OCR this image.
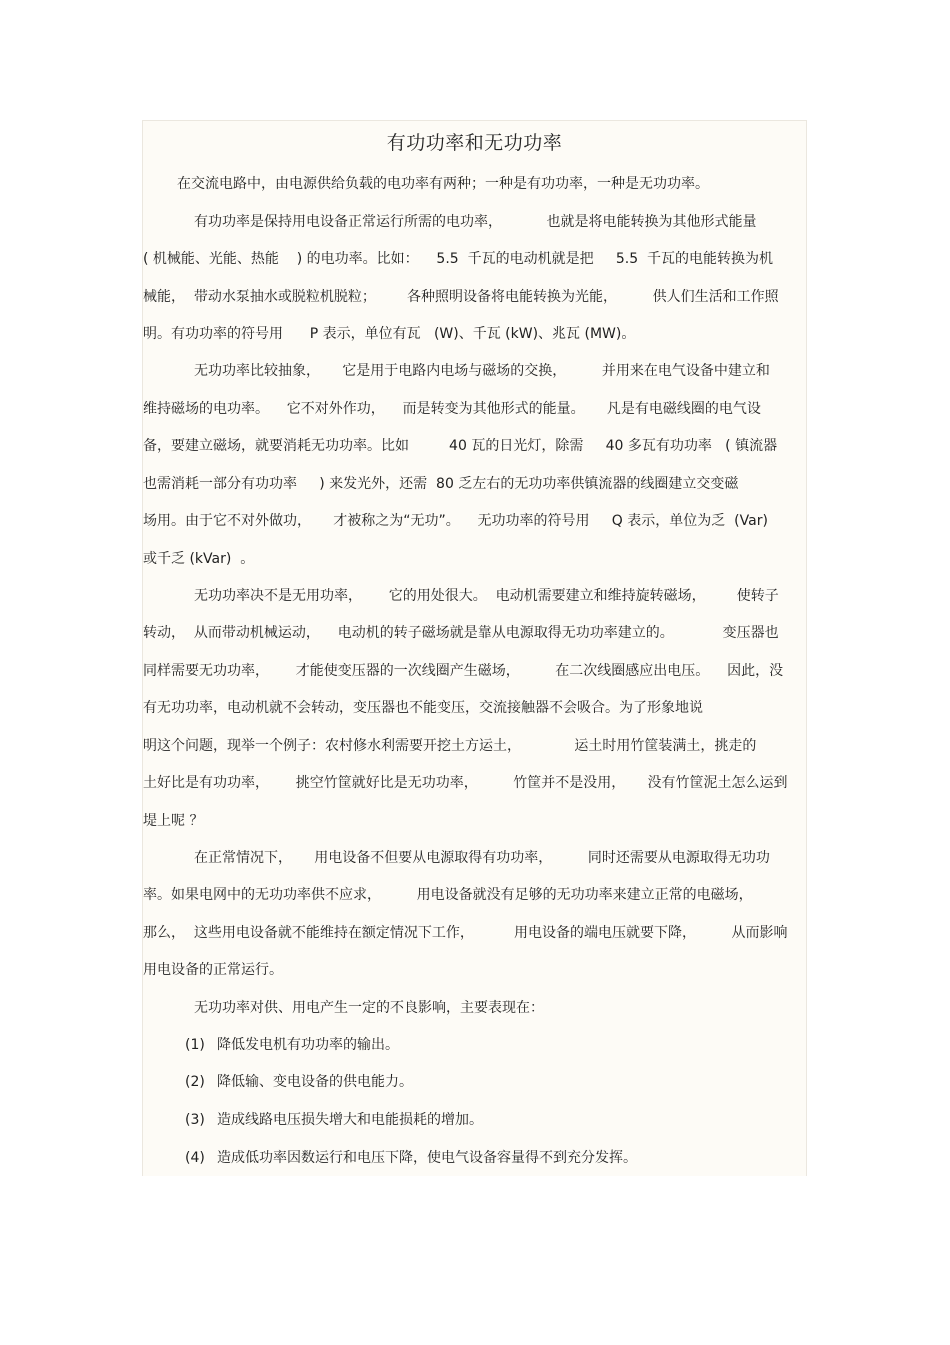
有功功率和无功功率
在交流电路中，由电源供给负载的电功率有两种；一种是有功功率，一种是无功功率。
有功功率是保持用电设备正常运行所需的电功率，          也就是将电能转换为其他形式能量
( 机械能、光能、热能    ) 的电功率。比如：    5.5  千瓦的电动机就是把     5.5  千瓦的电能转换为机
械能，  带动水泵抽水或脱粒机脱粒；       各种照明设备将电能转换为光能，        供人们生活和工作照
明。有功功率的符号用      P 表示，单位有瓦   (W)、千瓦 (kW)、兆瓦 (MW)。
无功功率比较抽象，     它是用于电路内电场与磁场的交换，        并用来在电气设备中建立和
维持磁场的电功率。    它不对外作功，    而是转变为其他形式的能量。     凡是有电磁线圈的电气设
备，要建立磁场，就要消耗无功功率。比如         40 瓦的日光灯，除需     40 多瓦有功功率   ( 镇流器
也需消耗一部分有功功率     ) 来发光外，还需  80 乏左右的无功功率供镇流器的线圈建立交变磁
场用。由于它不对外做功，     才被称之为“无功”。    无功功率的符号用     Q 表示，单位为乏  (Var)
或千乏 (kVar)  。
无功功率决不是无用功率，      它的用处很大。  电动机需要建立和维持旋转磁场，       使转子
转动，  从而带动机械运动，    电动机的转子磁场就是靠从电源取得无功功率建立的。           变压器也
同样需要无功功率，      才能使变压器的一次线圈产生磁场，        在二次线圈感应出电压。    因此，没
有无功功率，电动机就不会转动，变压器也不能变压，交流接触器不会吸合。为了形象地说
明这个问题，现举一个例子：农村修水利需要开挖土方运土，            运土时用竹筐装满土，挑走的
土好比是有功功率，      挑空竹筐就好比是无功功率，        竹筐并不是没用，     没有竹筐泥土怎么运到
堤上呢 ？
在正常情况下，     用电设备不但要从电源取得有功功率，        同时还需要从电源取得无功功
率。如果电网中的无功功率供不应求，        用电设备就没有足够的无功功率来建立正常的电磁场，
那么，  这些用电设备就不能维持在额定情况下工作，         用电设备的端电压就要下降，        从而影响
用电设备的正常运行。
无功功率对供、用电产生一定的不良影响，主要表现在：
(1) 降低发电机有功功率的输出。
(2) 降低输、变电设备的供电能力。
(3) 造成线路电压损失增大和电能损耗的增加。
(4) 造成低功率因数运行和电压下降，使电气设备容量得不到充分发挥。
